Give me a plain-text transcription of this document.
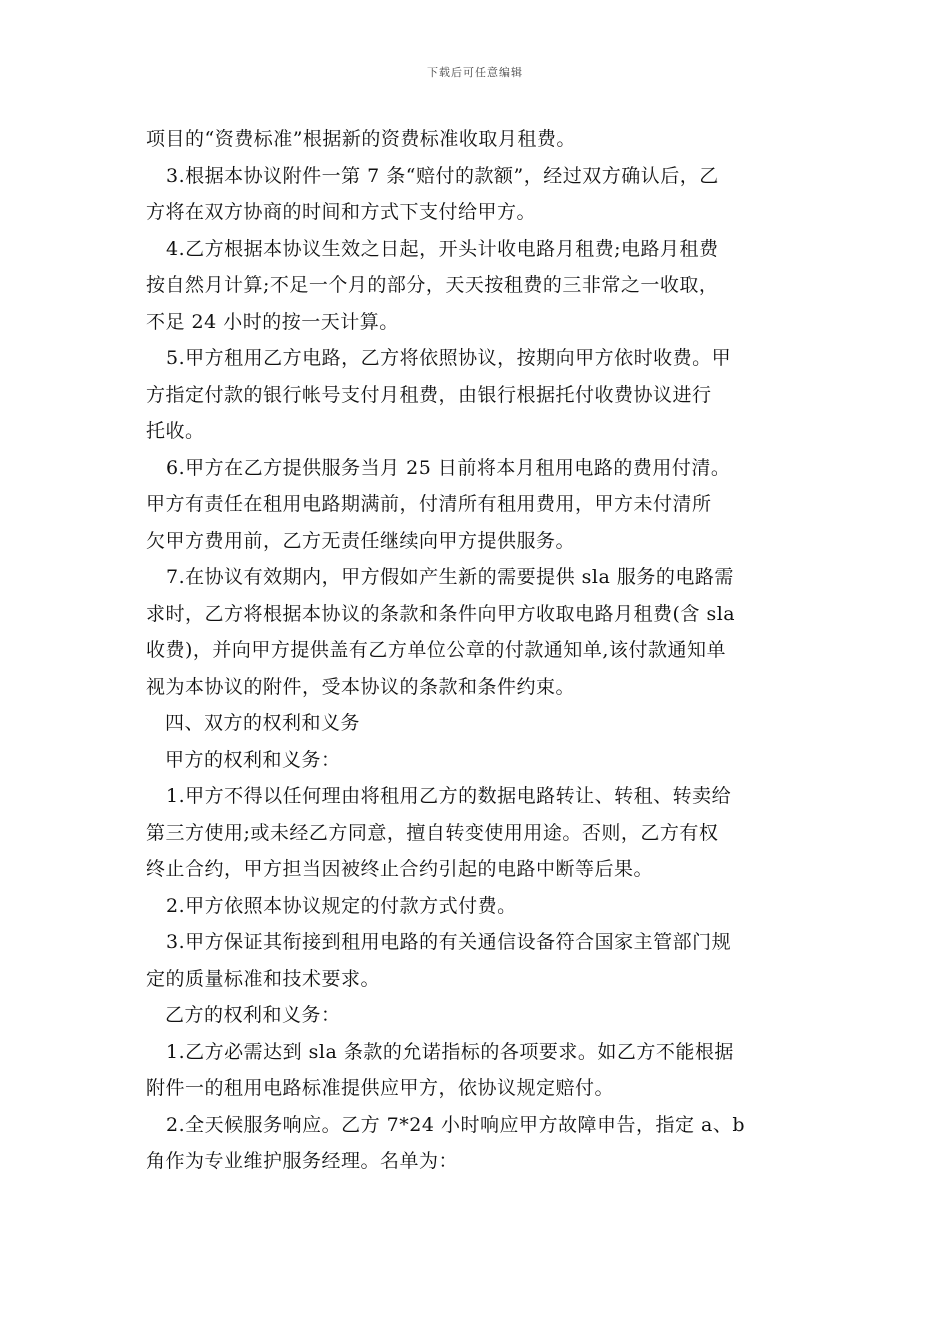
下载后可任意编辑
项目的“资费标准”根据新的资费标准收取月租费。
3.根据本协议附件一第 7 条“赔付的款额”，经过双方确认后，乙
方将在双方协商的时间和方式下支付给甲方。
4.乙方根据本协议生效之日起，开头计收电路月租费;电路月租费
按自然月计算;不足一个月的部分，天天按租费的三非常之一收取，
不足 24 小时的按一天计算。
5.甲方租用乙方电路，乙方将依照协议，按期向甲方依时收费。甲
方指定付款的银行帐号支付月租费，由银行根据托付收费协议进行
托收。
6.甲方在乙方提供服务当月 25 日前将本月租用电路的费用付清。
甲方有责任在租用电路期满前，付清所有租用费用，甲方未付清所
欠甲方费用前，乙方无责任继续向甲方提供服务。
7.在协议有效期内，甲方假如产生新的需要提供 sla 服务的电路需
求时，乙方将根据本协议的条款和条件向甲方收取电路月租费(含 sla
收费)，并向甲方提供盖有乙方单位公章的付款通知单,该付款通知单
视为本协议的附件，受本协议的条款和条件约束。
四、双方的权利和义务
甲方的权利和义务：
1.甲方不得以任何理由将租用乙方的数据电路转让、转租、转卖给
第三方使用;或未经乙方同意，擅自转变使用用途。否则，乙方有权
终止合约，甲方担当因被终止合约引起的电路中断等后果。
2.甲方依照本协议规定的付款方式付费。
3.甲方保证其衔接到租用电路的有关通信设备符合国家主管部门规
定的质量标准和技术要求。
乙方的权利和义务：
1.乙方必需达到 sla 条款的允诺指标的各项要求。如乙方不能根据
附件一的租用电路标准提供应甲方，依协议规定赔付。
2.全天候服务响应。乙方 7*24 小时响应甲方故障申告，指定 a、b
角作为专业维护服务经理。名单为：
